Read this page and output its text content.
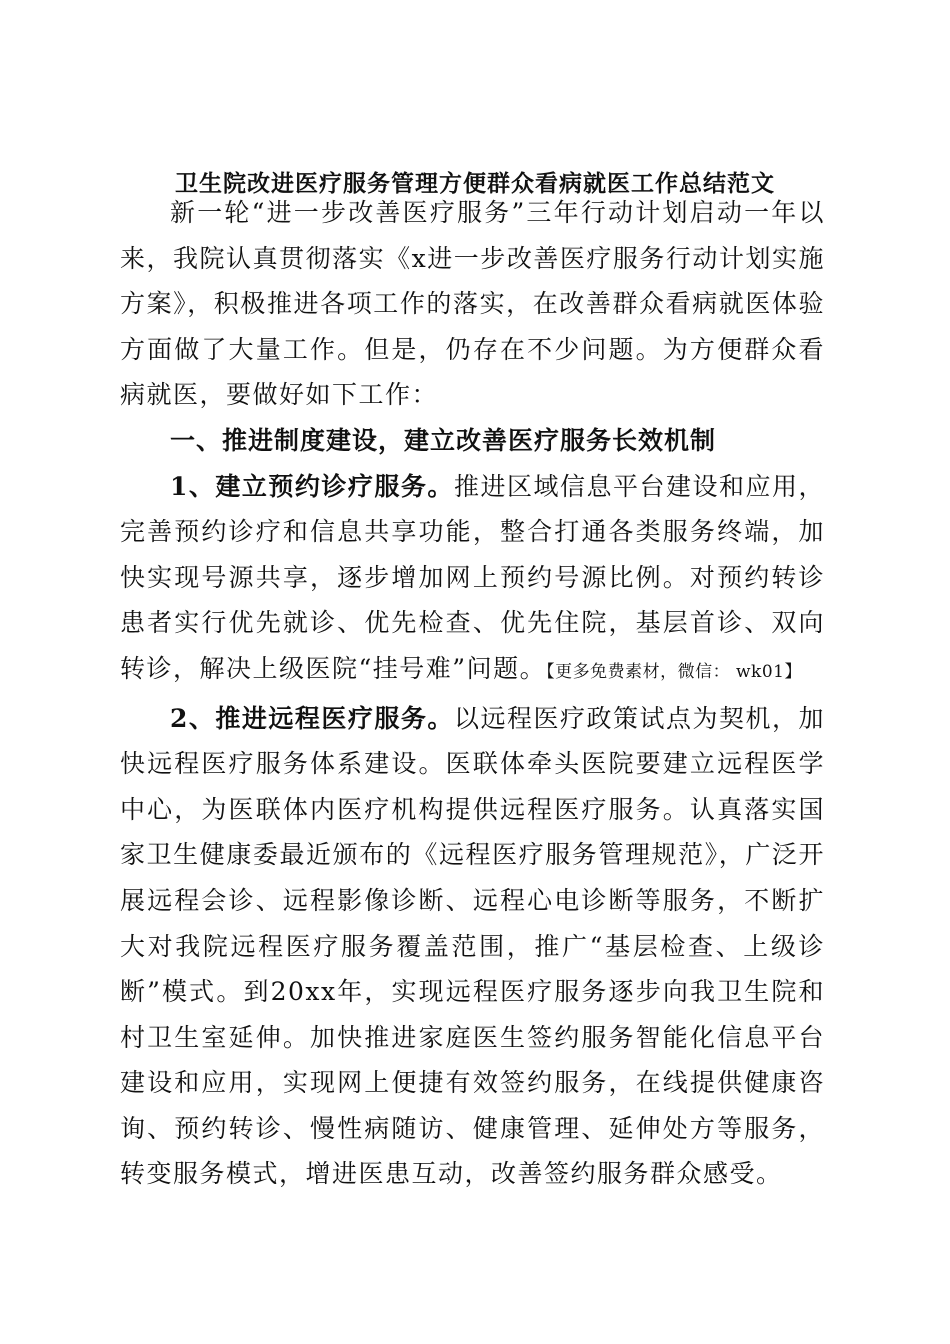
卫生院改进医疗服务管理方便群众看病就医工作总结范文

新一轮“进一步改善医疗服务”三年行动计划启动一年以来，我院认真贯彻落实《x进一步改善医疗服务行动计划实施方案》，积极推进各项工作的落实，在改善群众看病就医体验方面做了大量工作。但是，仍存在不少问题。为方便群众看病就医，要做好如下工作：

一、推进制度建设，建立改善医疗服务长效机制

1、建立预约诊疗服务。推进区域信息平台建设和应用，完善预约诊疗和信息共享功能，整合打通各类服务终端，加快实现号源共享，逐步增加网上预约号源比例。对预约转诊患者实行优先就诊、优先检查、优先住院，基层首诊、双向转诊，解决上级医院“挂号难”问题。【更多免费素材，微信： wk01】

2、推进远程医疗服务。以远程医疗政策试点为契机，加快远程医疗服务体系建设。医联体牵头医院要建立远程医学中心，为医联体内医疗机构提供远程医疗服务。认真落实国家卫生健康委最近颁布的《远程医疗服务管理规范》，广泛开展远程会诊、远程影像诊断、远程心电诊断等服务，不断扩大对我院远程医疗服务覆盖范围，推广“基层检查、上级诊断”模式。到20xx年，实现远程医疗服务逐步向我卫生院和村卫生室延伸。加快推进家庭医生签约服务智能化信息平台建设和应用，实现网上便捷有效签约服务，在线提供健康咨询、预约转诊、慢性病随访、健康管理、延伸处方等服务，转变服务模式，增进医患互动，改善签约服务群众感受。
